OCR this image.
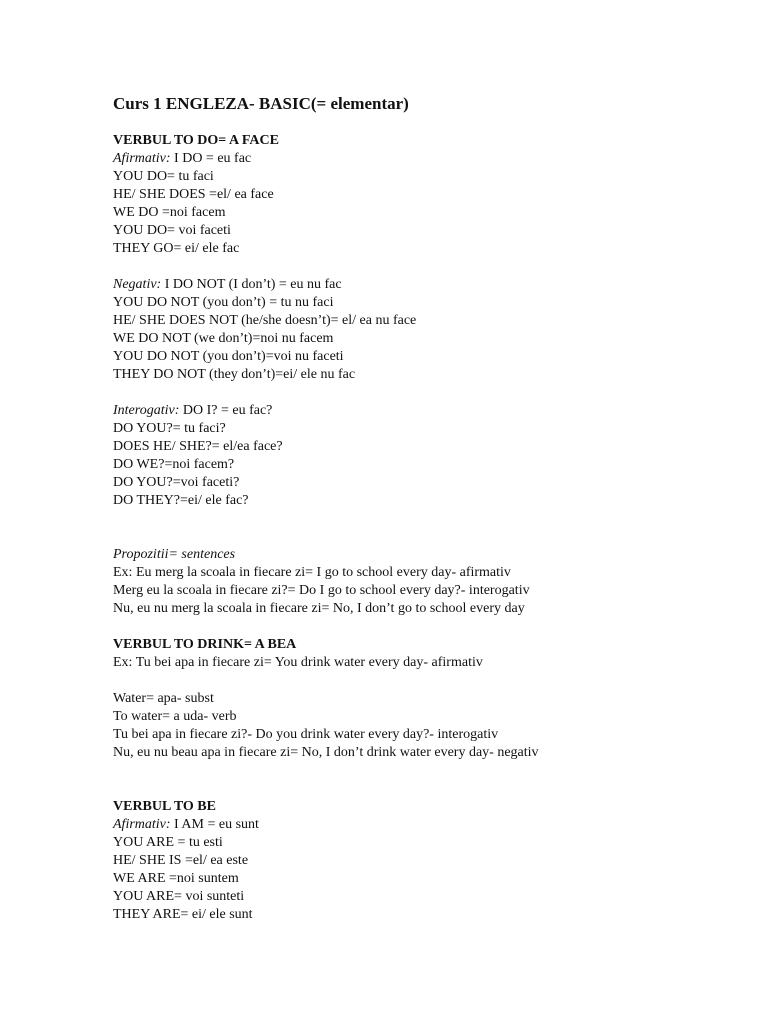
Curs 1 ENGLEZA- BASIC(= elementar)
VERBUL TO DO= A FACE
Afirmativ: I DO = eu fac
YOU DO= tu faci
HE/ SHE DOES =el/ ea face
WE DO =noi facem
YOU DO= voi faceti
THEY GO= ei/ ele fac
Negativ: I DO NOT (I don’t) = eu nu fac
YOU DO NOT (you don’t) = tu nu faci
HE/ SHE DOES NOT (he/she doesn’t)= el/ ea nu face
WE DO NOT (we don’t)=noi nu facem
YOU DO NOT (you don’t)=voi nu faceti
THEY DO NOT (they don’t)=ei/ ele nu fac
Interogativ: DO I? = eu fac?
DO YOU?= tu faci?
DOES HE/ SHE?= el/ea face?
DO WE?=noi facem?
DO YOU?=voi faceti?
DO THEY?=ei/ ele fac?
Propozitii= sentences
Ex: Eu merg la scoala in fiecare zi= I go to school every day- afirmativ
Merg eu la scoala in fiecare zi?= Do I go to school every day?- interogativ
Nu, eu nu merg la scoala in fiecare zi= No, I don’t go to school every day
VERBUL TO DRINK= A BEA
Ex: Tu bei apa in fiecare zi= You drink water every day- afirmativ
Water= apa- subst
To water= a uda- verb
Tu bei apa in fiecare zi?- Do you drink water every day?- interogativ
Nu, eu nu beau apa in fiecare zi= No, I don’t drink water every day- negativ
VERBUL TO BE
Afirmativ: I AM = eu sunt
YOU ARE = tu esti
HE/ SHE IS =el/ ea este
WE ARE =noi suntem
YOU ARE= voi sunteti
THEY ARE= ei/ ele sunt
